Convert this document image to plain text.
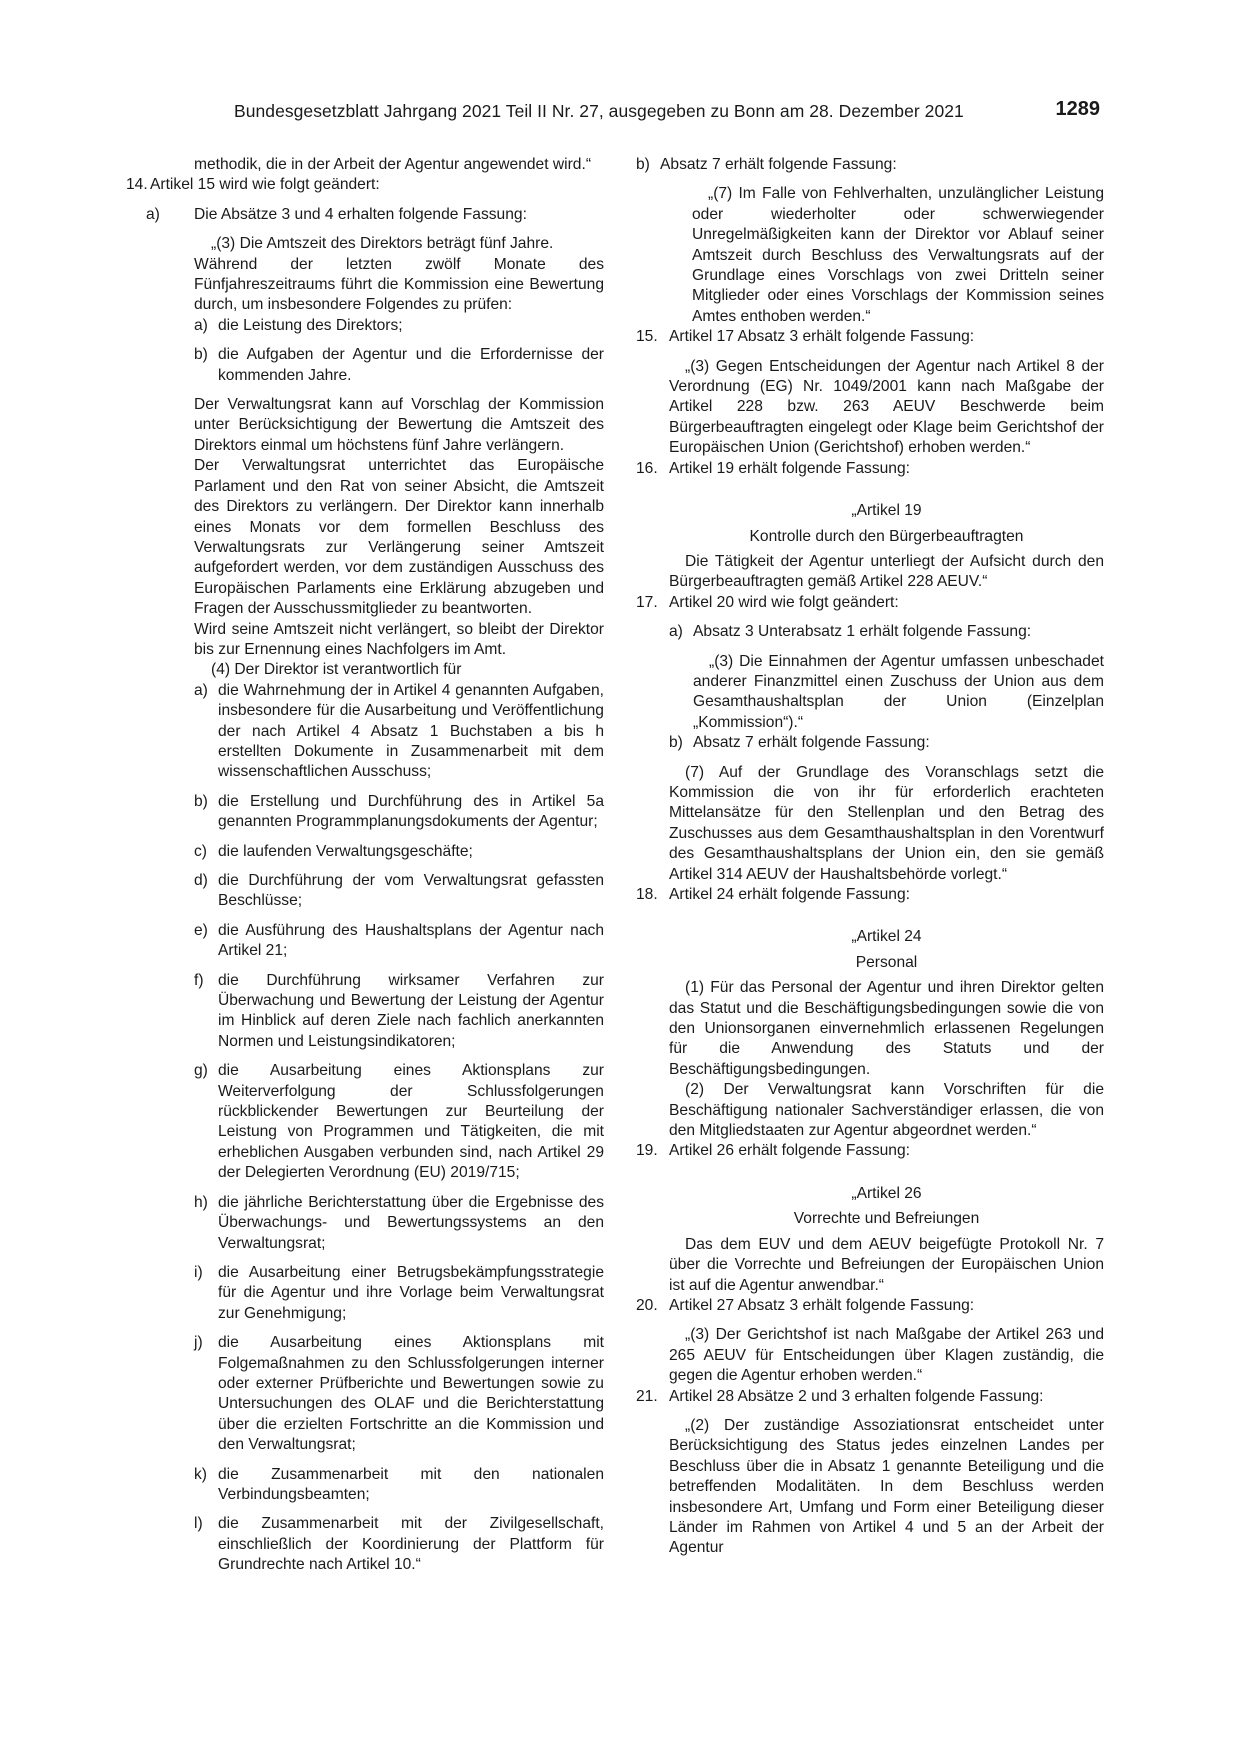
Bundesgesetzblatt Jahrgang 2021 Teil II Nr. 27, ausgegeben zu Bonn am 28. Dezember 2021	1289

methodik, die in der Arbeit der Agentur angewendet wird.“

14. Artikel 15 wird wie folgt geändert:

a) Die Absätze 3 und 4 erhalten folgende Fassung:

„(3) Die Amtszeit des Direktors beträgt fünf Jahre.

Während der letzten zwölf Monate des Fünfjahreszeitraums führt die Kommission eine Bewertung durch, um insbesondere Folgendes zu prüfen:

a) die Leistung des Direktors;

b) die Aufgaben der Agentur und die Erfordernisse der kommenden Jahre.

Der Verwaltungsrat kann auf Vorschlag der Kommission unter Berücksichtigung der Bewertung die Amtszeit des Direktors einmal um höchstens fünf Jahre verlängern.

Der Verwaltungsrat unterrichtet das Europäische Parlament und den Rat von seiner Absicht, die Amtszeit des Direktors zu verlängern. Der Direktor kann innerhalb eines Monats vor dem formellen Beschluss des Verwaltungsrats zur Verlängerung seiner Amtszeit aufgefordert werden, vor dem zuständigen Ausschuss des Europäischen Parlaments eine Erklärung abzugeben und Fragen der Ausschussmitglieder zu beantworten.

Wird seine Amtszeit nicht verlängert, so bleibt der Direktor bis zur Ernennung eines Nachfolgers im Amt.

(4) Der Direktor ist verantwortlich für

a) die Wahrnehmung der in Artikel 4 genannten Aufgaben, insbesondere für die Ausarbeitung und Veröffentlichung der nach Artikel 4 Absatz 1 Buchstaben a bis h erstellten Dokumente in Zusammenarbeit mit dem wissenschaftlichen Ausschuss;

b) die Erstellung und Durchführung des in Artikel 5a genannten Programmplanungsdokuments der Agentur;

c) die laufenden Verwaltungsgeschäfte;

d) die Durchführung der vom Verwaltungsrat gefassten Beschlüsse;

e) die Ausführung des Haushaltsplans der Agentur nach Artikel 21;

f) die Durchführung wirksamer Verfahren zur Überwachung und Bewertung der Leistung der Agentur im Hinblick auf deren Ziele nach fachlich anerkannten Normen und Leistungsindikatoren;

g) die Ausarbeitung eines Aktionsplans zur Weiterverfolgung der Schlussfolgerungen rückblickender Bewertungen zur Beurteilung der Leistung von Programmen und Tätigkeiten, die mit erheblichen Ausgaben verbunden sind, nach Artikel 29 der Delegierten Verordnung (EU) 2019/715;

h) die jährliche Berichterstattung über die Ergebnisse des Überwachungs- und Bewertungssystems an den Verwaltungsrat;

i) die Ausarbeitung einer Betrugsbekämpfungsstrategie für die Agentur und ihre Vorlage beim Verwaltungsrat zur Genehmigung;

j) die Ausarbeitung eines Aktionsplans mit Folgemaßnahmen zu den Schlussfolgerungen interner oder externer Prüfberichte und Bewertungen sowie zu Untersuchungen des OLAF und die Berichterstattung über die erzielten Fortschritte an die Kommission und den Verwaltungsrat;

k) die Zusammenarbeit mit den nationalen Verbindungsbeamten;

l) die Zusammenarbeit mit der Zivilgesellschaft, einschließlich der Koordinierung der Plattform für Grundrechte nach Artikel 10.“

b) Absatz 7 erhält folgende Fassung:

„(7) Im Falle von Fehlverhalten, unzulänglicher Leistung oder wiederholter oder schwerwiegender Unregelmäßigkeiten kann der Direktor vor Ablauf seiner Amtszeit durch Beschluss des Verwaltungsrats auf der Grundlage eines Vorschlags von zwei Dritteln seiner Mitglieder oder eines Vorschlags der Kommission seines Amtes enthoben werden.“

15. Artikel 17 Absatz 3 erhält folgende Fassung:

„(3) Gegen Entscheidungen der Agentur nach Artikel 8 der Verordnung (EG) Nr. 1049/2001 kann nach Maßgabe der Artikel 228 bzw. 263 AEUV Beschwerde beim Bürgerbeauftragten eingelegt oder Klage beim Gerichtshof der Europäischen Union (Gerichtshof) erhoben werden.“

16. Artikel 19 erhält folgende Fassung:

„Artikel 19

Kontrolle durch den Bürgerbeauftragten

Die Tätigkeit der Agentur unterliegt der Aufsicht durch den Bürgerbeauftragten gemäß Artikel 228 AEUV.“

17. Artikel 20 wird wie folgt geändert:

a) Absatz 3 Unterabsatz 1 erhält folgende Fassung:

„(3) Die Einnahmen der Agentur umfassen unbeschadet anderer Finanzmittel einen Zuschuss der Union aus dem Gesamthaushaltsplan der Union (Einzelplan „Kommission“).“

b) Absatz 7 erhält folgende Fassung:

(7) Auf der Grundlage des Voranschlags setzt die Kommission die von ihr für erforderlich erachteten Mittelansätze für den Stellenplan und den Betrag des Zuschusses aus dem Gesamthaushaltsplan in den Vorentwurf des Gesamthaushaltsplans der Union ein, den sie gemäß Artikel 314 AEUV der Haushaltsbehörde vorlegt.“

18. Artikel 24 erhält folgende Fassung:

„Artikel 24

Personal

(1) Für das Personal der Agentur und ihren Direktor gelten das Statut und die Beschäftigungsbedingungen sowie die von den Unionsorganen einvernehmlich erlassenen Regelungen für die Anwendung des Statuts und der Beschäftigungsbedingungen.

(2) Der Verwaltungsrat kann Vorschriften für die Beschäftigung nationaler Sachverständiger erlassen, die von den Mitgliedstaaten zur Agentur abgeordnet werden.“

19. Artikel 26 erhält folgende Fassung:

„Artikel 26

Vorrechte und Befreiungen

Das dem EUV und dem AEUV beigefügte Protokoll Nr. 7 über die Vorrechte und Befreiungen der Europäischen Union ist auf die Agentur anwendbar.“

20. Artikel 27 Absatz 3 erhält folgende Fassung:

„(3) Der Gerichtshof ist nach Maßgabe der Artikel 263 und 265 AEUV für Entscheidungen über Klagen zuständig, die gegen die Agentur erhoben werden.“

21. Artikel 28 Absätze 2 und 3 erhalten folgende Fassung:

„(2) Der zuständige Assoziationsrat entscheidet unter Berücksichtigung des Status jedes einzelnen Landes per Beschluss über die in Absatz 1 genannte Beteiligung und die betreffenden Modalitäten. In dem Beschluss werden insbesondere Art, Umfang und Form einer Beteiligung dieser Länder im Rahmen von Artikel 4 und 5 an der Arbeit der Agentur
